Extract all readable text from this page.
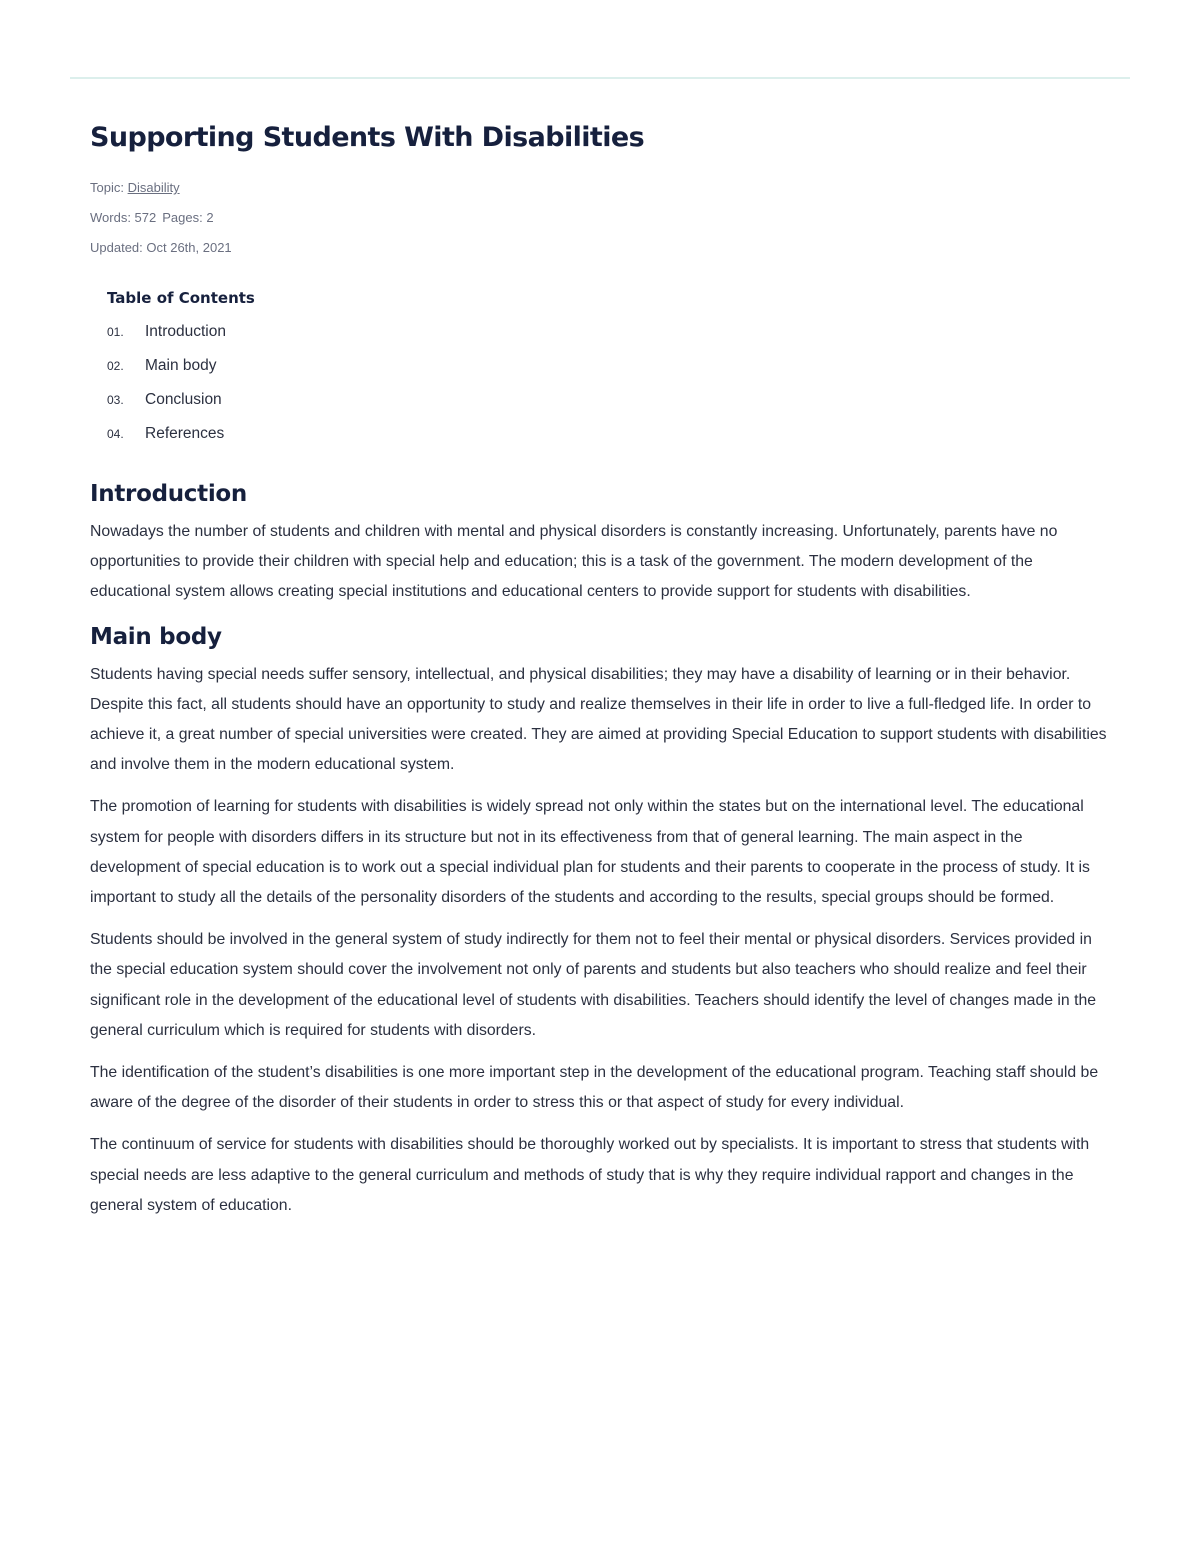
Supporting Students With Disabilities
Topic: Disability
Words: 572 Pages: 2
Updated: Oct 26th, 2021
Table of Contents
01.	Introduction
02.	Main body
03.	Conclusion
04.	References
Introduction

Nowadays the number of students and children with mental and physical disorders is constantly increasing. Unfortunately, parents have no opportunities to provide their children with special help and education; this is a task of the government. The modern development of the educational system allows creating special institutions and educational centers to provide support for students with disabilities.

Main body

Students having special needs suffer sensory, intellectual, and physical disabilities; they may have a disability of learning or in their behavior. Despite this fact, all students should have an opportunity to study and realize themselves in their life in order to live a full-fledged life. In order to achieve it, a great number of special universities were created. They are aimed at providing Special Education to support students with disabilities and involve them in the modern educational system.

The promotion of learning for students with disabilities is widely spread not only within the states but on the international level. The educational system for people with disorders differs in its structure but not in its effectiveness from that of general learning. The main aspect in the development of special education is to work out a special individual plan for students and their parents to cooperate in the process of study. It is important to study all the details of the personality disorders of the students and according to the results, special groups should be formed.

Students should be involved in the general system of study indirectly for them not to feel their mental or physical disorders. Services provided in the special education system should cover the involvement not only of parents and students but also teachers who should realize and feel their significant role in the development of the educational level of students with disabilities. Teachers should identify the level of changes made in the general curriculum which is required for students with disorders.

The identification of the student’s disabilities is one more important step in the development of the educational program. Teaching staff should be aware of the degree of the disorder of their students in order to stress this or that aspect of study for every individual.

The continuum of service for students with disabilities should be thoroughly worked out by specialists. It is important to stress that students with special needs are less adaptive to the general curriculum and methods of study that is why they require individual rapport and changes in the general system of education.
